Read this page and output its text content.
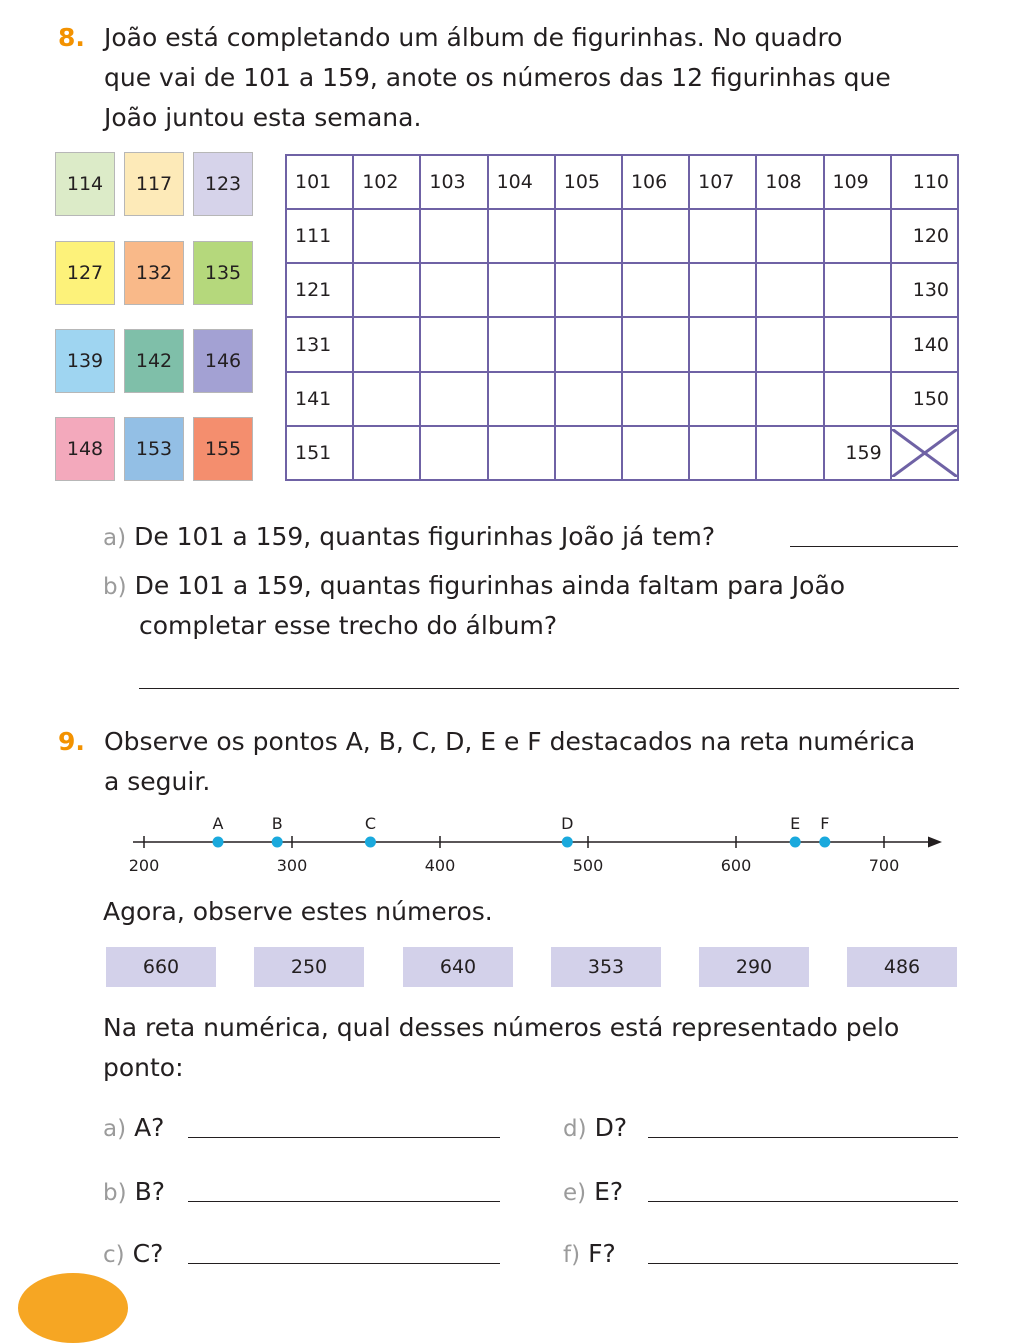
8. João está completando um álbum de figurinhas. No quadro
que vai de 101 a 159, anote os números das 12 figurinhas que
João juntou esta semana.
114	117	123
127	132	135
139	142	146
148	153	155
101	102	103	104	105	106	107	108	109	110
111									120
121									130
131									140
141									150
151								159	
a) De 101 a 159, quantas figurinhas João já tem?
b) De 101 a 159, quantas figurinhas ainda faltam para João
completar esse trecho do álbum?
9. Observe os pontos A, B, C, D, E e F destacados na reta numérica
a seguir.
200	300	400	500	600	700
A	B	C	D	E F
Agora, observe estes números.
660	250	640	353	290	486
Na reta numérica, qual desses números está representado pelo
ponto:
a) A?
b) B?
c) C?
d) D?
e) E?
f) F?
